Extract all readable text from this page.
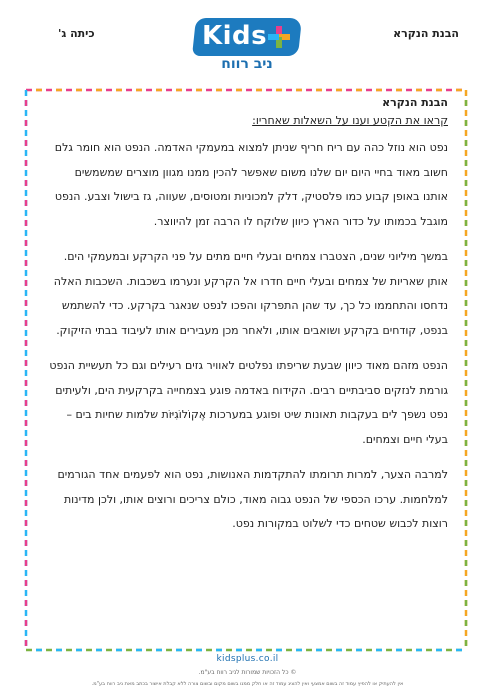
הבנת הנקרא
Kids
ניב רווח
כיתה ג'
הבנת הנקרא
קראו את הקטע וענו על השאלות שאחריו:

נפט הוא נוזל כהה עם ריח חריף שניתן למצוא במעמקי האדמה. הנפט הוא חומר גלם חשוב מאוד בחיי היום יום שלנו משום שאפשר להכין ממנו מגוון מוצרים שמשמשים אותנו באופן קבוע כמו פלסטיק, דלק למכוניות ומטוסים, שעווה, גז בישול וצבע. הנפט מוגבל בכמותו על כדור הארץ כיוון שלוקח לו הרבה זמן להיווצר.

במשך מיליוני שנים, הצטברו צמחים ובעלי חיים מתים על פני הקרקע ובמעמקי הים. אותן שאריות של צמחים ובעלי חיים חדרו אל הקרקע ונערמו בשכבות. השכבות האלה נדחסו והתחממו כל כך, עד שהן התפרקו והפכו לנפט שנאגר בקרקע. כדי להשתמש בנפט, קודחים בקרקע ושואבים אותו, ולאחר מכן מעבירים אותו לעיבוד בבתי הזיקוק.

הנפט מזהם מאוד כיוון שבעת שריפתו נפלטים לאוויר גזים רעילים וגם כל תעשיית הנפט גורמת לנזקים סביבתיים רבים. הקידוח באדמה פוגע בצמחייה בקרקעית הים, ולעיתים נפט נשפך לים בעקבות תאונות שיט ופוגע במערכות אֶקוֹלוֹגִיּוֹת שלמות שחיות בים – בעלי חיים וצמחים.

למרבה הצער, למרות תרומתו להתקדמות האנושות, נפט הוא לפעמים אחד הגורמים למלחמות. ערכו הכספי של הנפט גבוה מאוד, כולם צריכים ורוצים אותו, ולכן מדינות רוצות לכבוש שטחים כדי לשלוט במקורות נפט.

kidsplus.co.il
© כל הזכויות שמורות לניב רווח בע"מ.
אין להעתיק או להפיץ עמוד זה בשום אמצעי ואין להציג עמוד זה או חלק ממנו בשום מקום ובשום צורה ללא קבלת אישור בכתב מאת ניב רווח בע"מ.
